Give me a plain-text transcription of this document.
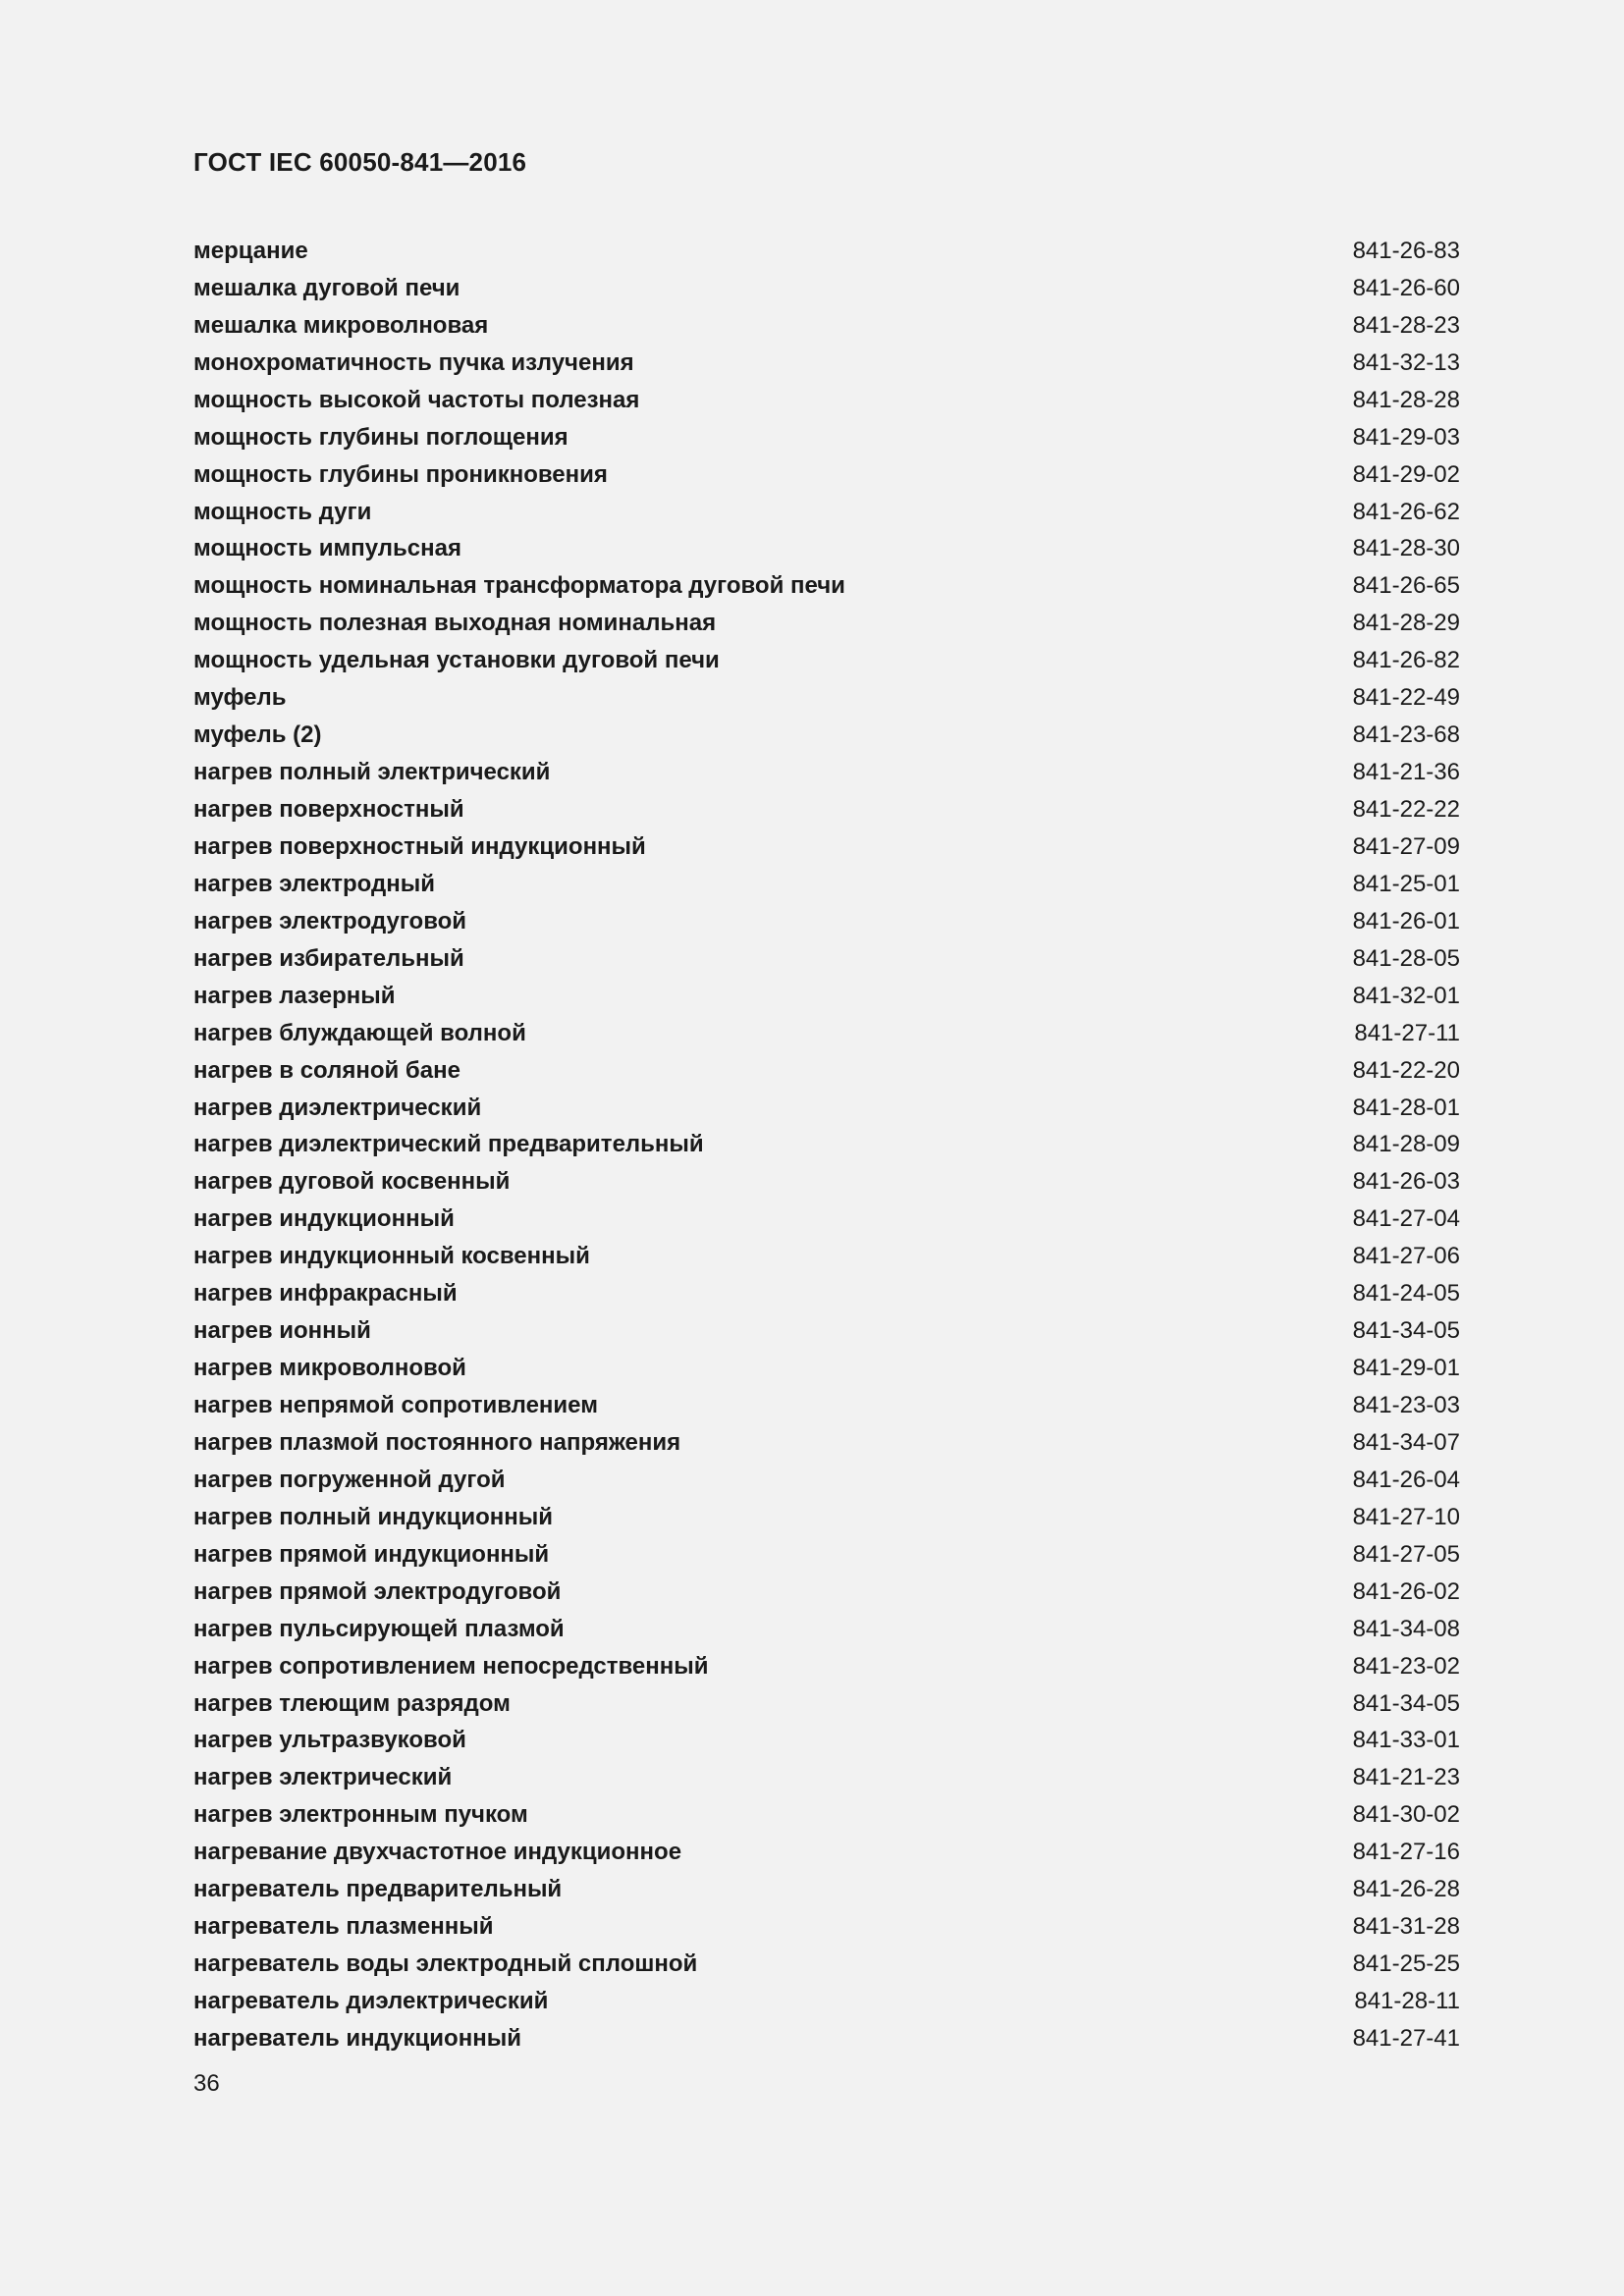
ГОСТ IEC 60050-841—2016
мерцание	841-26-83
мешалка дуговой печи	841-26-60
мешалка микроволновая	841-28-23
монохроматичность пучка излучения	841-32-13
мощность высокой частоты полезная	841-28-28
мощность глубины поглощения	841-29-03
мощность глубины проникновения	841-29-02
мощность дуги	841-26-62
мощность импульсная	841-28-30
мощность номинальная трансформатора дуговой печи	841-26-65
мощность полезная выходная номинальная	841-28-29
мощность удельная установки дуговой печи	841-26-82
муфель	841-22-49
муфель (2)	841-23-68
нагрев полный электрический	841-21-36
нагрев поверхностный	841-22-22
нагрев поверхностный индукционный	841-27-09
нагрев электродный	841-25-01
нагрев электродуговой	841-26-01
нагрев избирательный	841-28-05
нагрев лазерный	841-32-01
нагрев блуждающей волной	841-27-11
нагрев в соляной бане	841-22-20
нагрев диэлектрический	841-28-01
нагрев диэлектрический предварительный	841-28-09
нагрев дуговой косвенный	841-26-03
нагрев индукционный	841-27-04
нагрев индукционный косвенный	841-27-06
нагрев инфракрасный	841-24-05
нагрев ионный	841-34-05
нагрев микроволновой	841-29-01
нагрев непрямой сопротивлением	841-23-03
нагрев плазмой постоянного напряжения	841-34-07
нагрев погруженной дугой	841-26-04
нагрев полный индукционный	841-27-10
нагрев прямой индукционный	841-27-05
нагрев прямой электродуговой	841-26-02
нагрев пульсирующей плазмой	841-34-08
нагрев сопротивлением непосредственный	841-23-02
нагрев тлеющим разрядом	841-34-05
нагрев ультразвуковой	841-33-01
нагрев электрический	841-21-23
нагрев электронным пучком	841-30-02
нагревание двухчастотное индукционное	841-27-16
нагреватель предварительный	841-26-28
нагреватель плазменный	841-31-28
нагреватель воды электродный сплошной	841-25-25
нагреватель диэлектрический	841-28-11
нагреватель индукционный	841-27-41
36
